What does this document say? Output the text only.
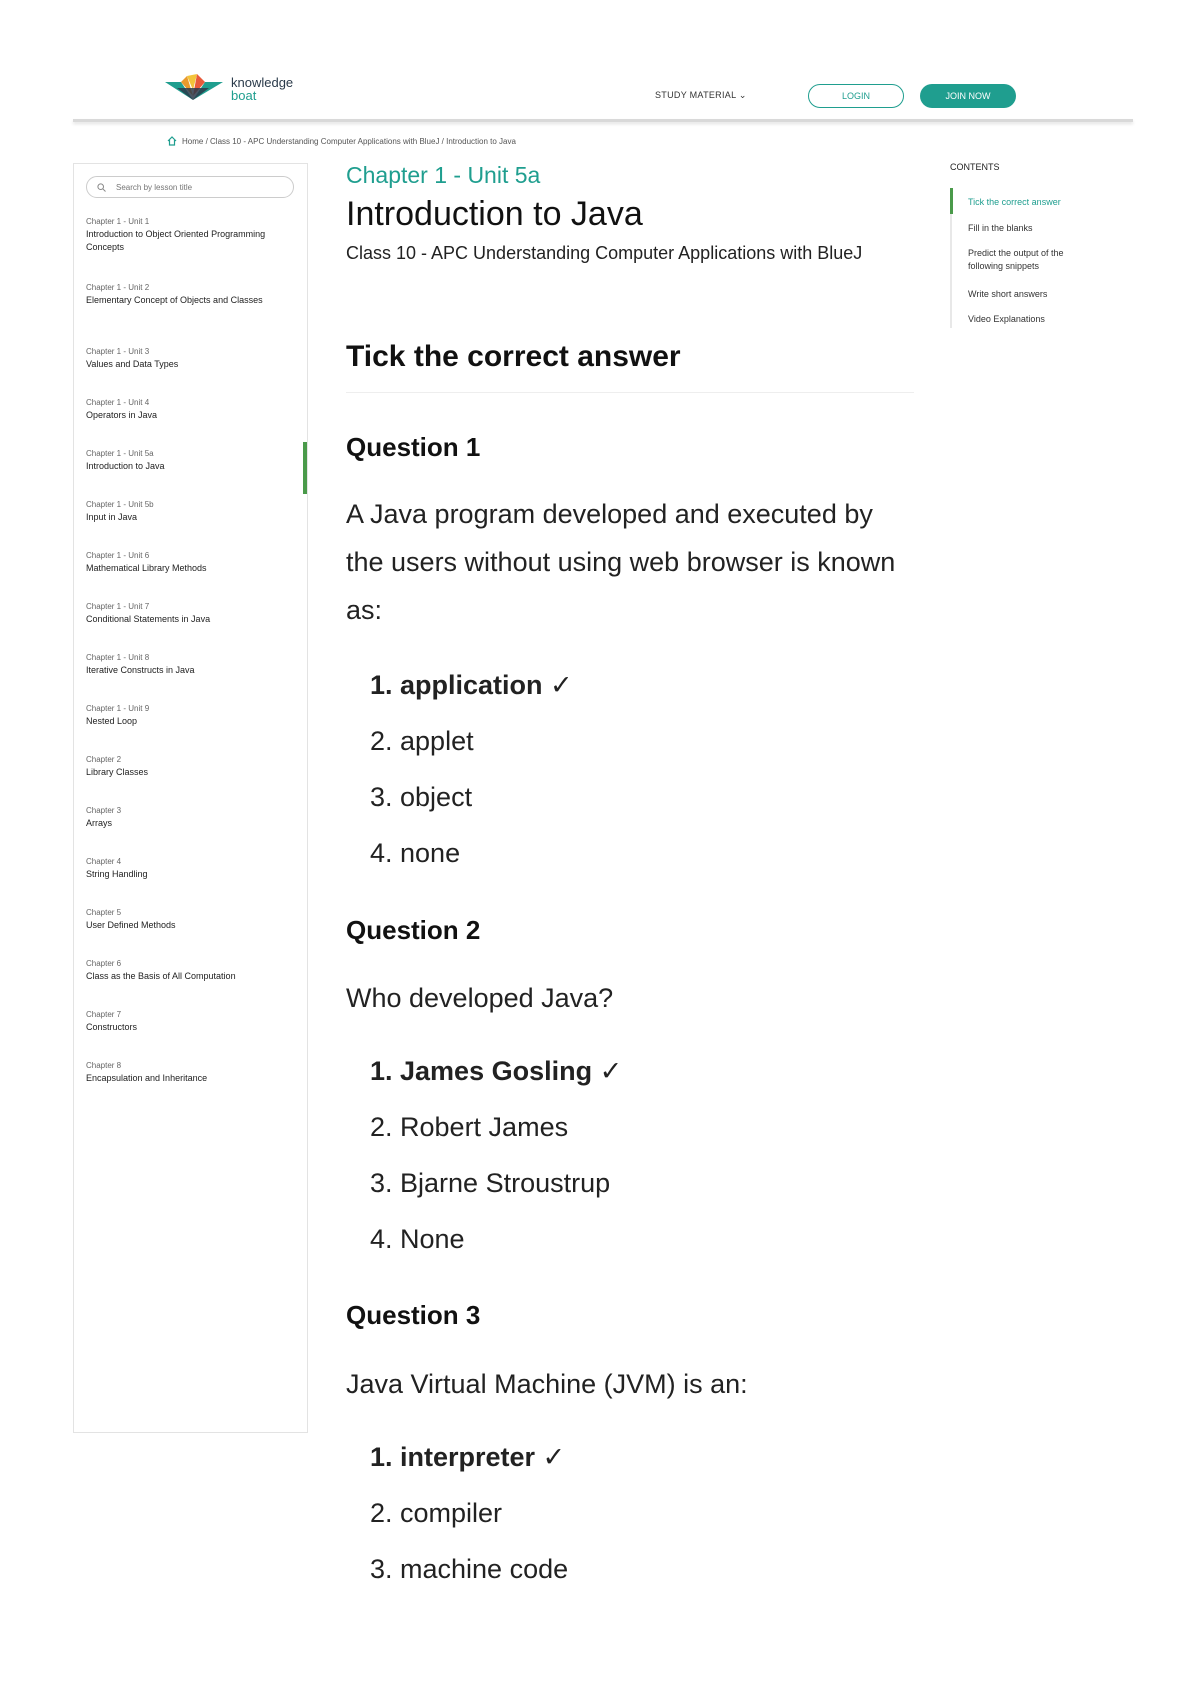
knowledge
boat	STUDY MATERIAL ⌄	LOGIN	JOIN NOW
Home / Class 10 - APC Understanding Computer Applications with BlueJ / Introduction to Java
Search by lesson title
Chapter 1 - Unit 1
Introduction to Object Oriented Programming Concepts
Chapter 1 - Unit 2
Elementary Concept of Objects and Classes
Chapter 1 - Unit 3
Values and Data Types
Chapter 1 - Unit 4
Operators in Java
Chapter 1 - Unit 5a
Introduction to Java
Chapter 1 - Unit 5b
Input in Java
Chapter 1 - Unit 6
Mathematical Library Methods
Chapter 1 - Unit 7
Conditional Statements in Java
Chapter 1 - Unit 8
Iterative Constructs in Java
Chapter 1 - Unit 9
Nested Loop
Chapter 2
Library Classes
Chapter 3
Arrays
Chapter 4
String Handling
Chapter 5
User Defined Methods
Chapter 6
Class as the Basis of All Computation
Chapter 7
Constructors
Chapter 8
Encapsulation and Inheritance
Chapter 1 - Unit 5a
Introduction to Java
Class 10 - APC Understanding Computer Applications with BlueJ
Tick the correct answer
Question 1
A Java program developed and executed by the users without using web browser is known as:
1. application ✓
2. applet
3. object
4. none
Question 2
Who developed Java?
1. James Gosling ✓
2. Robert James
3. Bjarne Stroustrup
4. None
Question 3
Java Virtual Machine (JVM) is an:
1. interpreter ✓
2. compiler
3. machine code
CONTENTS
Tick the correct answer
Fill in the blanks
Predict the output of the following snippets
Write short answers
Video Explanations
